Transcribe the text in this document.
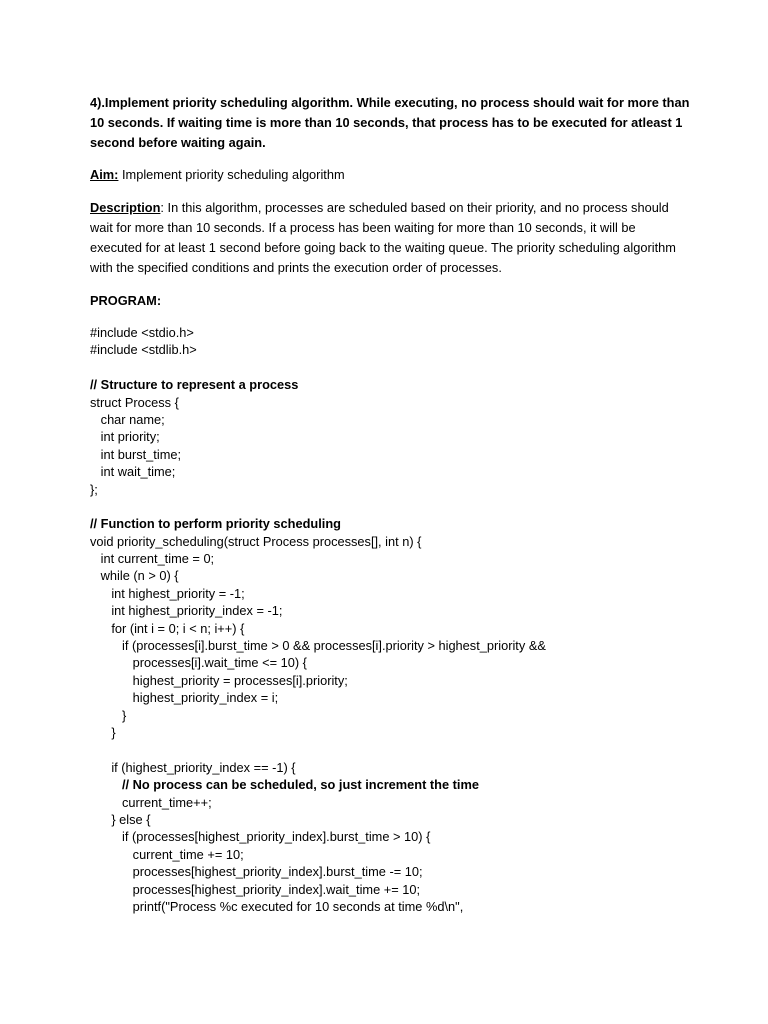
4).Implement priority scheduling algorithm. While executing, no process should wait for more than 10 seconds. If waiting time is more than 10 seconds, that process has to be executed for atleast 1 second before waiting again.

Aim: Implement priority scheduling algorithm

Description: In this algorithm, processes are scheduled based on their priority, and no process should wait for more than 10 seconds. If a process has been waiting for more than 10 seconds, it will be executed for at least 1 second before going back to the waiting queue. The priority scheduling algorithm with the specified conditions and prints the execution order of processes.

PROGRAM:

#include <stdio.h>
#include <stdlib.h>
// Structure to represent a process
struct Process {
char name;
int priority;
int burst_time;
int wait_time;
};
// Function to perform priority scheduling
void priority_scheduling(struct Process processes[], int n) {
int current_time = 0;
while (n > 0) {
int highest_priority = -1;
int highest_priority_index = -1;
for (int i = 0; i < n; i++) {
if (processes[i].burst_time > 0 && processes[i].priority > highest_priority &&
processes[i].wait_time <= 10) {
highest_priority = processes[i].priority;
highest_priority_index = i;
}
}
if (highest_priority_index == -1) {
// No process can be scheduled, so just increment the time
current_time++;
} else {
if (processes[highest_priority_index].burst_time > 10) {
current_time += 10;
processes[highest_priority_index].burst_time -= 10;
processes[highest_priority_index].wait_time += 10;
printf("Process %c executed for 10 seconds at time %d\n",
